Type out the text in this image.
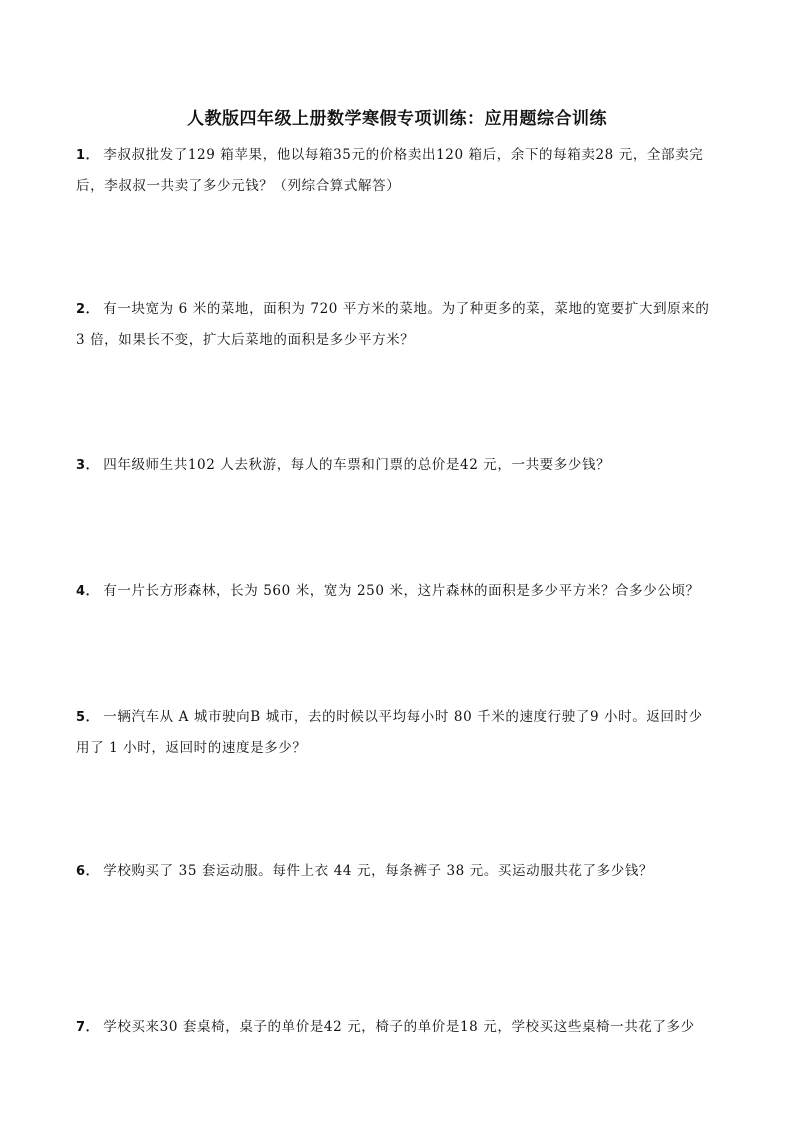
人教版四年级上册数学寒假专项训练：应用题综合训练
1． 李叔叔批发了129 箱苹果，他以每箱35元的价格卖出120 箱后，余下的每箱卖28 元，全部卖完
后，李叔叔一共卖了多少元钱？（列综合算式解答）
2． 有一块宽为 6 米的菜地，面积为 720 平方米的菜地。为了种更多的菜，菜地的宽要扩大到原来的
3 倍，如果长不变，扩大后菜地的面积是多少平方米？
3． 四年级师生共102 人去秋游，每人的车票和门票的总价是42 元，一共要多少钱？
4． 有一片长方形森林，长为 560 米，宽为 250 米，这片森林的面积是多少平方米？合多少公顷？
5． 一辆汽车从 A 城市驶向B 城市，去的时候以平均每小时 80 千米的速度行驶了9 小时。返回时少
用了 1 小时，返回时的速度是多少？
6． 学校购买了 35 套运动服。每件上衣 44 元，每条裤子 38 元。买运动服共花了多少钱？
7． 学校买来30 套桌椅，桌子的单价是42 元，椅子的单价是18 元，学校买这些桌椅一共花了多少
